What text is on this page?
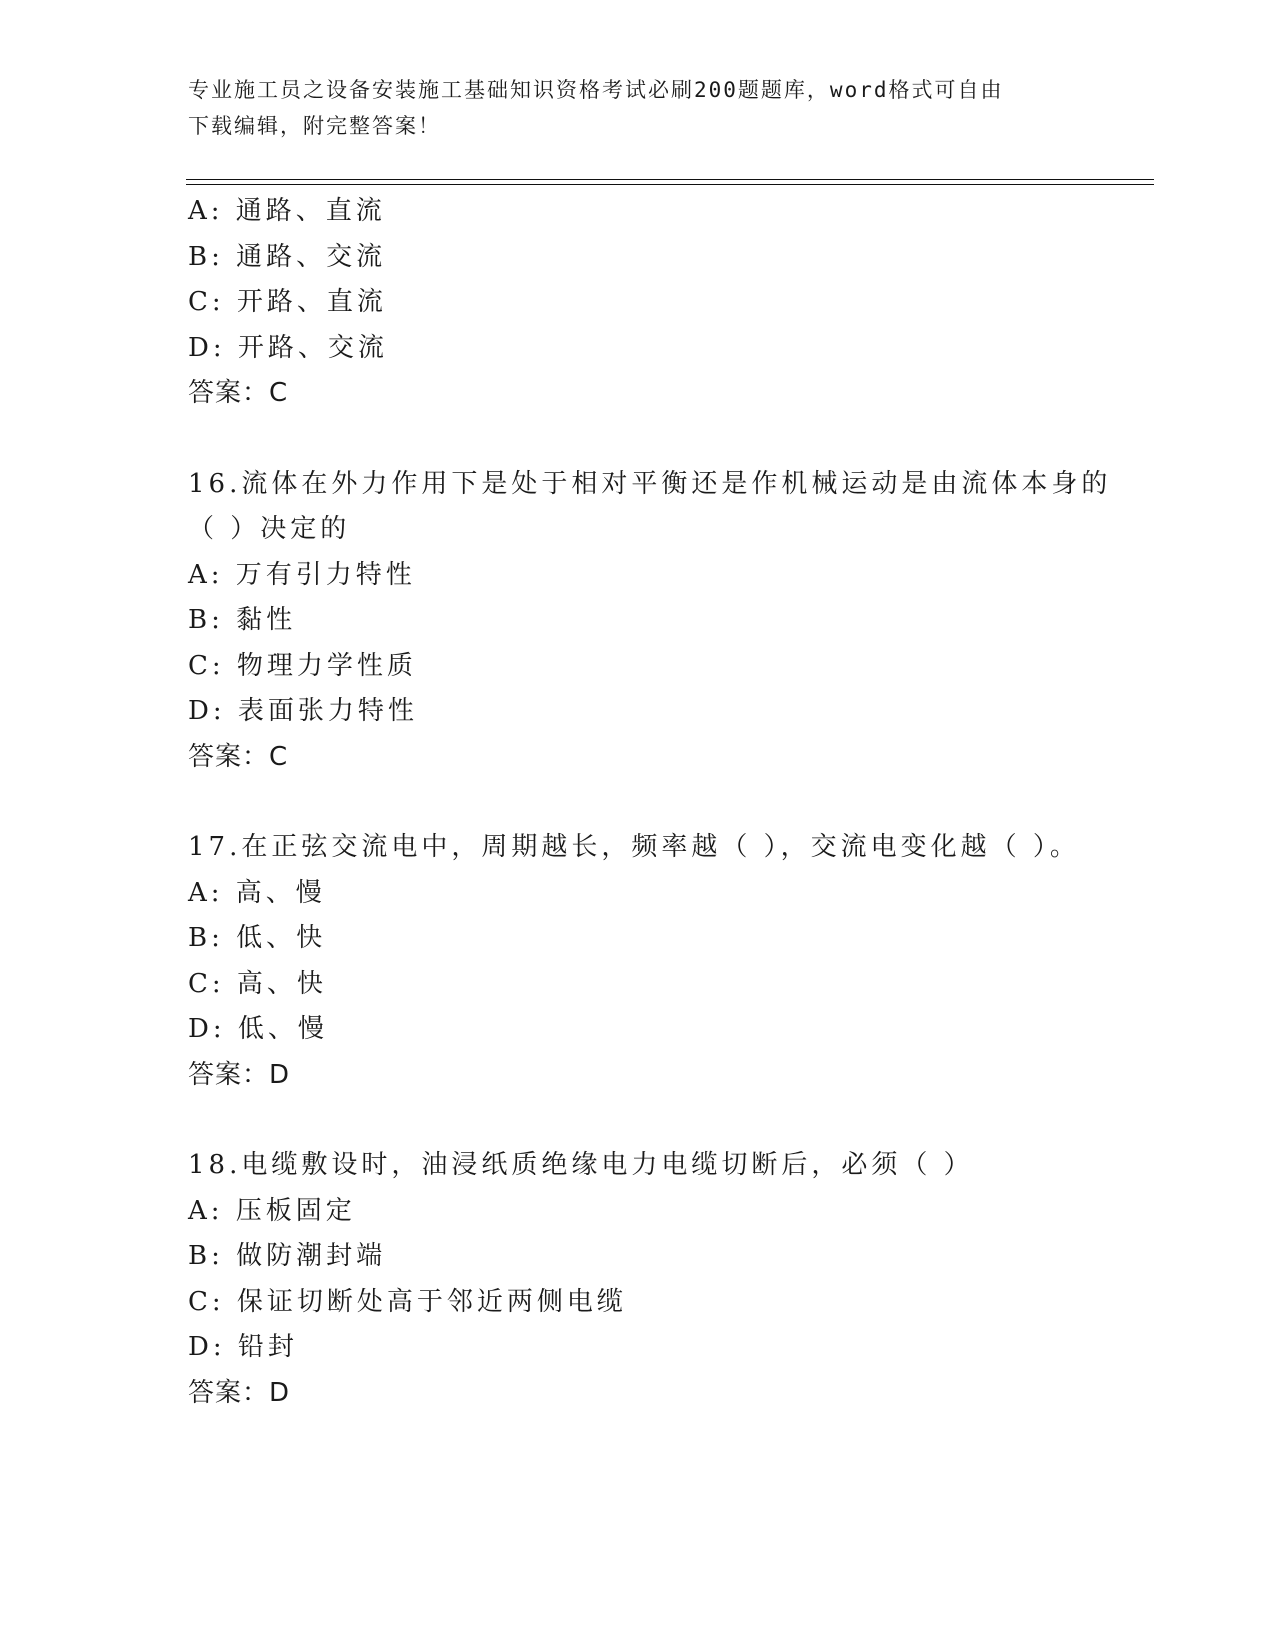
专业施工员之设备安装施工基础知识资格考试必刷200题题库，word格式可自由
下载编辑，附完整答案！
A: 通路、直流
B: 通路、交流
C: 开路、直流
D: 开路、交流
答案：C
16.流体在外力作用下是处于相对平衡还是作机械运动是由流体本身的
（ ）决定的
A: 万有引力特性
B: 黏性
C: 物理力学性质
D: 表面张力特性
答案：C
17.在正弦交流电中，周期越长，频率越（ ），交流电变化越（ ）。
A: 高、慢
B: 低、快
C: 高、快
D: 低、慢
答案：D
18.电缆敷设时，油浸纸质绝缘电力电缆切断后，必须（ ）
A: 压板固定
B: 做防潮封端
C: 保证切断处高于邻近两侧电缆
D: 铅封
答案：D
